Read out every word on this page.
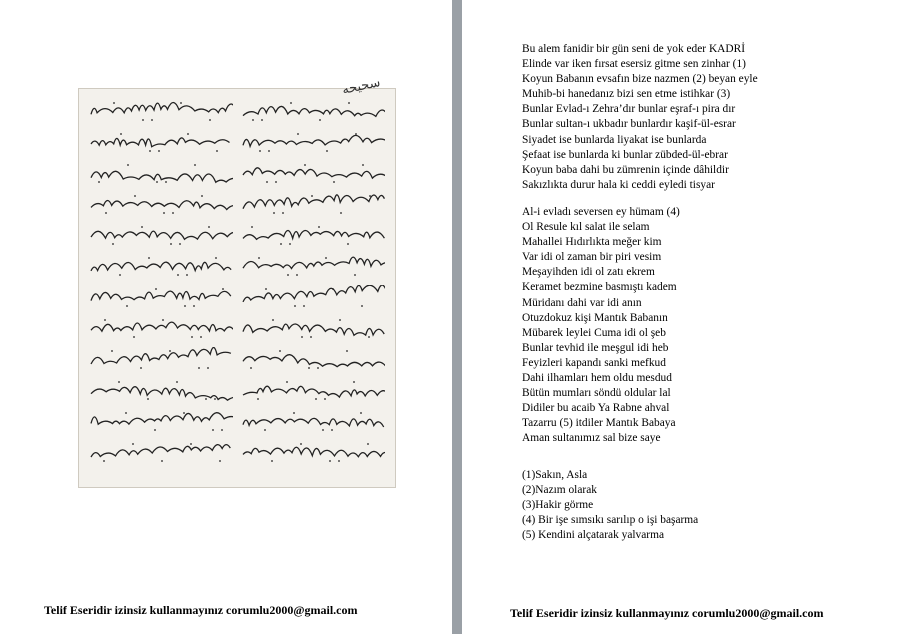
سحيحه
Telif Eseridir izinsiz kullanmayınız corumlu2000@gmail.com
Bu alem fanidir bir gün seni de yok eder KADRİ
Elinde var iken fırsat esersiz gitme sen zinhar (1)
Koyun Babanın evsafın bize nazmen (2) beyan eyle
Muhib-bi hanedanız bizi sen etme istihkar (3)
Bunlar Evlad-ı Zehra’dır bunlar eşraf-ı pira dır
Bunlar sultan-ı ukbadır bunlardır kaşif-ül-esrar
Siyadet ise bunlarda liyakat ise bunlarda
Şefaat ise bunlarda ki bunlar zübded-ül-ebrar
Koyun baba dahi bu zümrenin içinde dâhildir
Sakızlıkta durur hala ki ceddi eyledi tisyar
Al-i evladı seversen ey hümam (4)
Ol Resule kıl salat ile selam
Mahallei Hıdırlıkta meğer kim
Var idi ol zaman bir piri vesim
Meşayihden idi ol zatı ekrem
Keramet bezmine basmıştı kadem
Müridanı dahi var idi anın
Otuzdokuz kişi Mantık Babanın
Mübarek leylei Cuma idi ol şeb
Bunlar tevhid ile meşgul idi heb
Feyizleri kapandı sanki mefkud
Dahi ilhamları hem oldu mesdud
Bütün mumları söndü oldular lal
Didiler bu acaib Ya Rabne ahval
Tazarru (5) itdiler Mantık Babaya
Aman sultanımız sal bize saye
(1)Sakın, Asla
(2)Nazım olarak
(3)Hakir görme
(4) Bir işe sımsıkı sarılıp o işi başarma
(5) Kendini alçatarak yalvarma
Telif Eseridir izinsiz kullanmayınız corumlu2000@gmail.com
